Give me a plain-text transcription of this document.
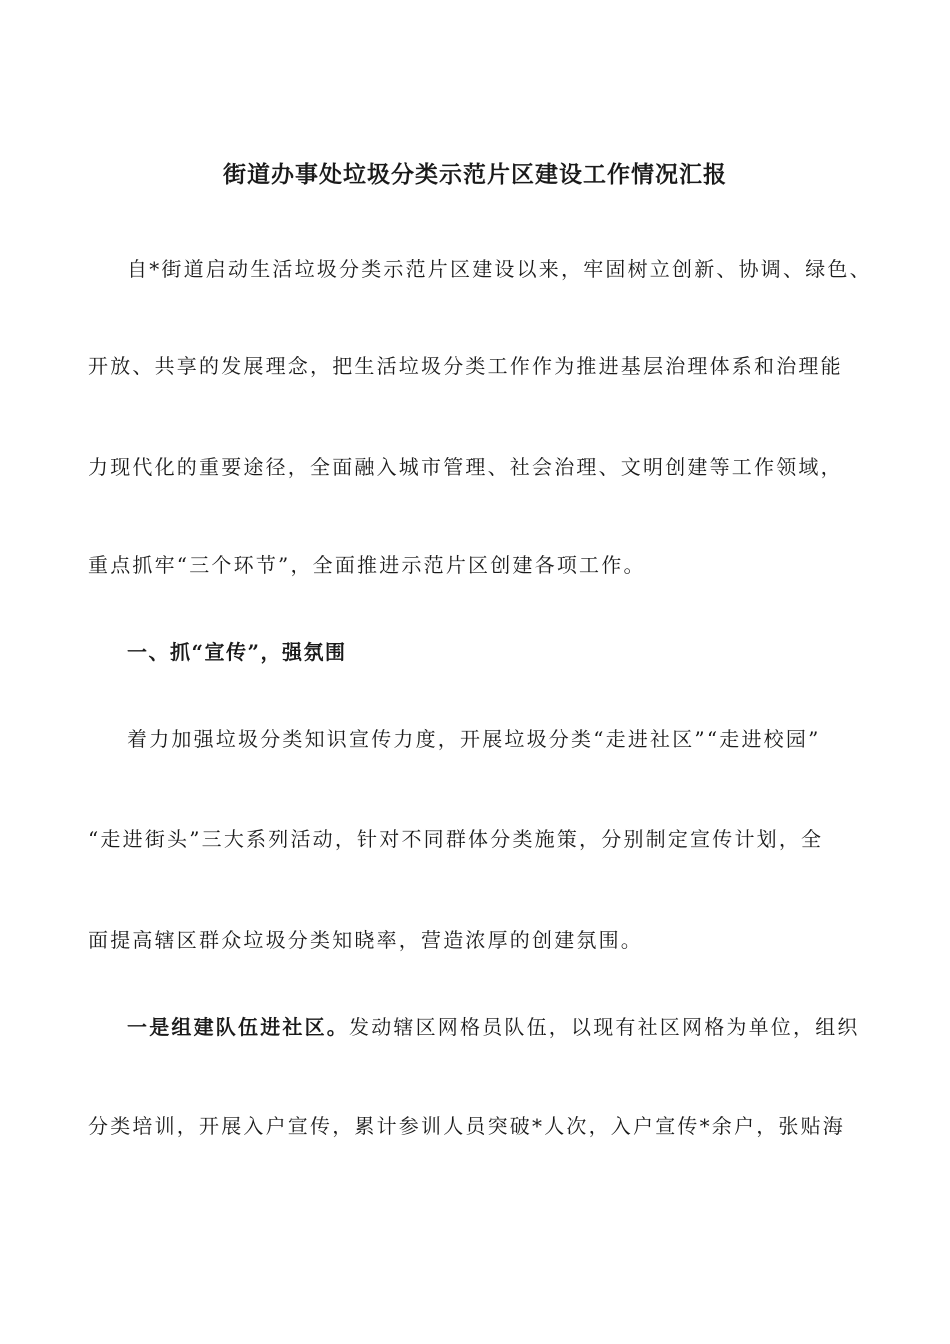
街道办事处垃圾分类示范片区建设工作情况汇报
自*街道启动生活垃圾分类示范片区建设以来，牢固树立创新、协调、绿色、
开放、共享的发展理念，把生活垃圾分类工作作为推进基层治理体系和治理能
力现代化的重要途径，全面融入城市管理、社会治理、文明创建等工作领域，
重点抓牢“三个环节”，全面推进示范片区创建各项工作。
一、抓“宣传”，强氛围
着力加强垃圾分类知识宣传力度，开展垃圾分类“走进社区”“走进校园”
“走进街头”三大系列活动，针对不同群体分类施策，分别制定宣传计划，全
面提高辖区群众垃圾分类知晓率，营造浓厚的创建氛围。
一是组建队伍进社区。发动辖区网格员队伍，以现有社区网格为单位，组织
分类培训，开展入户宣传，累计参训人员突破*人次，入户宣传*余户，张贴海
